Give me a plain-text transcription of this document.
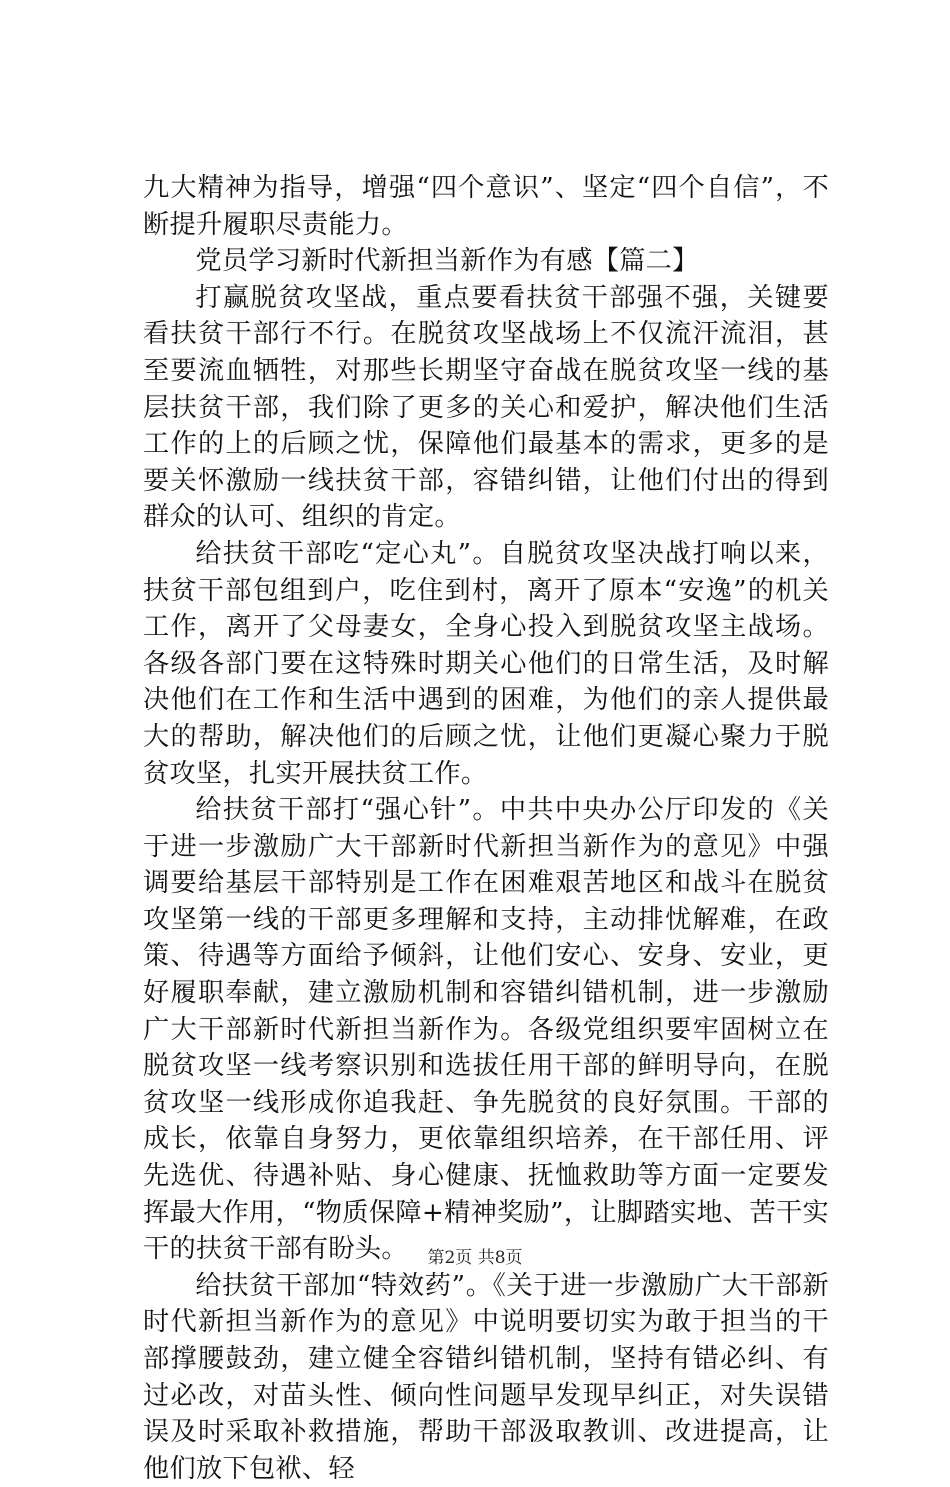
九大精神为指导，增强“四个意识”、坚定“四个自信”，不断提升履职尽责能力。

党员学习新时代新担当新作为有感【篇二】

打赢脱贫攻坚战，重点要看扶贫干部强不强，关键要看扶贫干部行不行。在脱贫攻坚战场上不仅流汗流泪，甚至要流血牺牲，对那些长期坚守奋战在脱贫攻坚一线的基层扶贫干部，我们除了更多的关心和爱护，解决他们生活工作的上的后顾之忧，保障他们最基本的需求，更多的是要关怀激励一线扶贫干部，容错纠错，让他们付出的得到群众的认可、组织的肯定。

给扶贫干部吃“定心丸”。自脱贫攻坚决战打响以来，扶贫干部包组到户，吃住到村，离开了原本“安逸”的机关工作，离开了父母妻女，全身心投入到脱贫攻坚主战场。各级各部门要在这特殊时期关心他们的日常生活，及时解决他们在工作和生活中遇到的困难，为他们的亲人提供最大的帮助，解决他们的后顾之忧，让他们更凝心聚力于脱贫攻坚，扎实开展扶贫工作。

给扶贫干部打“强心针”。中共中央办公厅印发的《关于进一步激励广大干部新时代新担当新作为的意见》中强调要给基层干部特别是工作在困难艰苦地区和战斗在脱贫攻坚第一线的干部更多理解和支持，主动排忧解难，在政策、待遇等方面给予倾斜，让他们安心、安身、安业，更好履职奉献，建立激励机制和容错纠错机制，进一步激励广大干部新时代新担当新作为。各级党组织要牢固树立在脱贫攻坚一线考察识别和选拔任用干部的鲜明导向，在脱贫攻坚一线形成你追我赶、争先脱贫的良好氛围。干部的成长，依靠自身努力，更依靠组织培养，在干部任用、评先选优、待遇补贴、身心健康、抚恤救助等方面一定要发挥最大作用，“物质保障+精神奖励”，让脚踏实地、苦干实干的扶贫干部有盼头。

给扶贫干部加“特效药”。《关于进一步激励广大干部新时代新担当新作为的意见》中说明要切实为敢于担当的干部撑腰鼓劲，建立健全容错纠错机制，坚持有错必纠、有过必改，对苗头性、倾向性问题早发现早纠正，对失误错误及时采取补救措施，帮助干部汲取教训、改进提高，让他们放下包袱、轻

第2页 共8页
